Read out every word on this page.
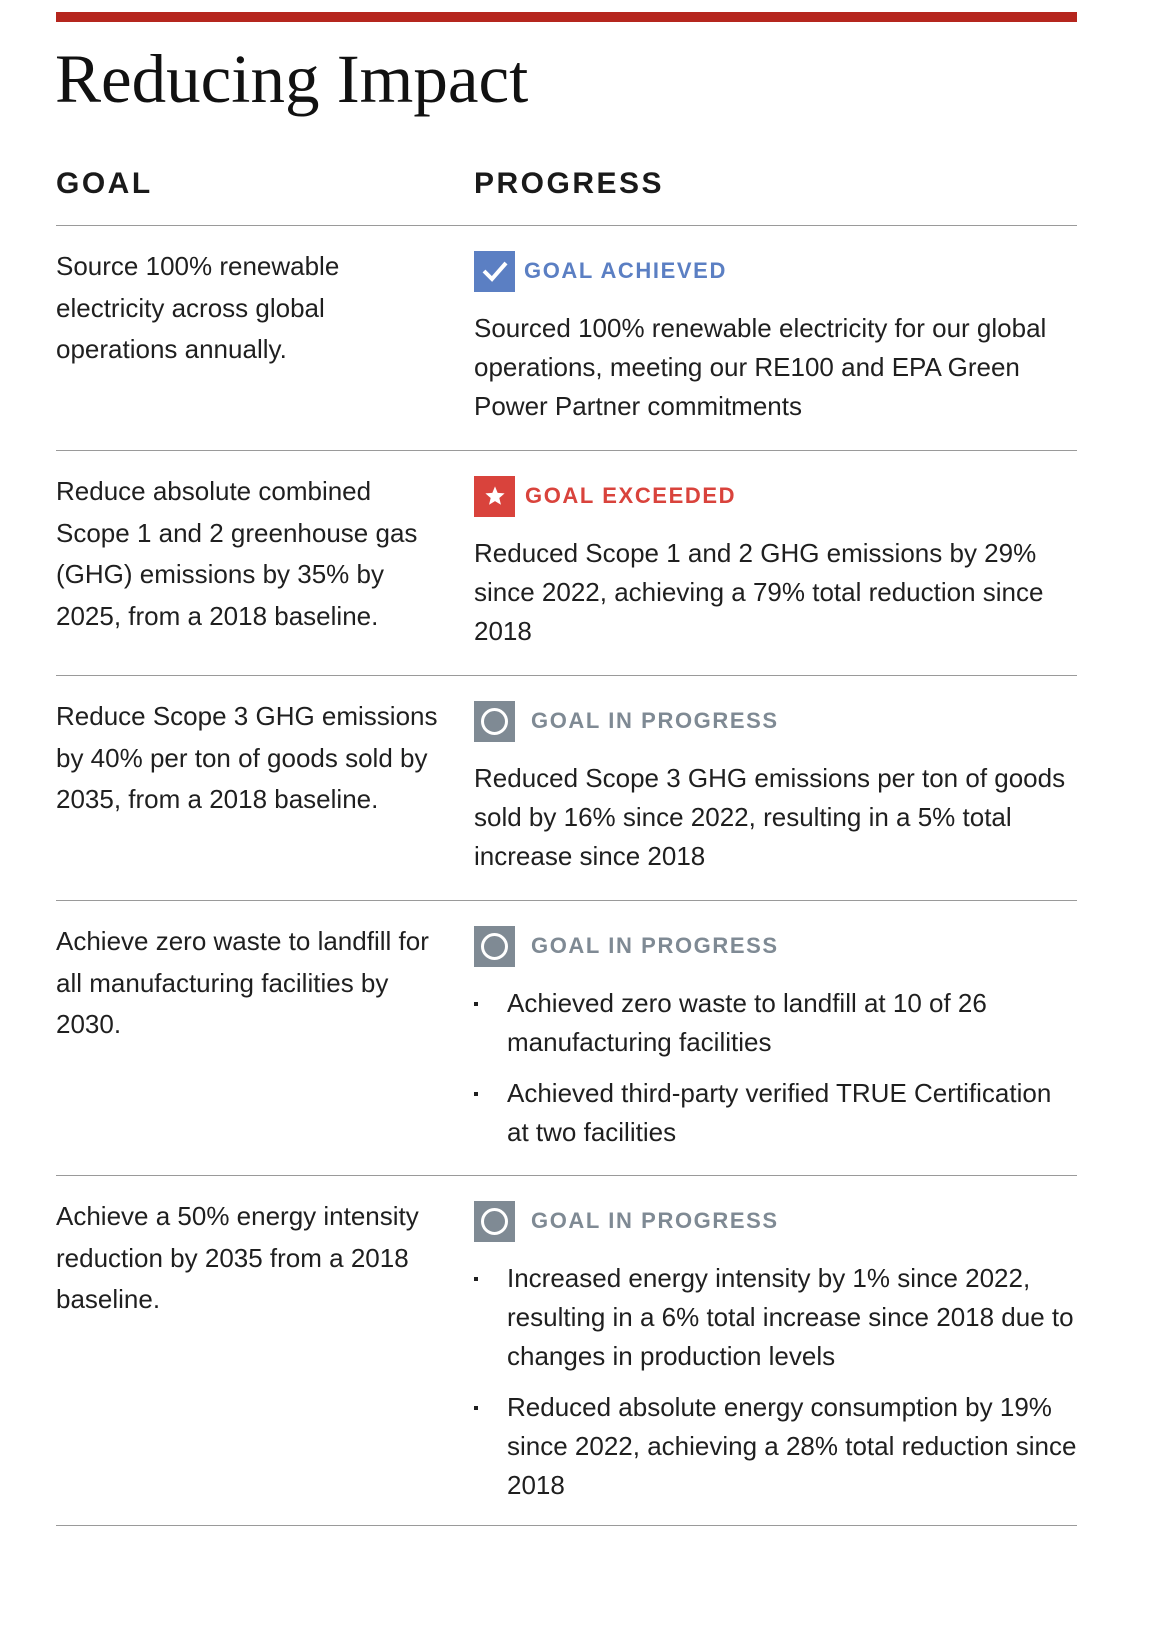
Reducing Impact
GOAL	PROGRESS
Source 100% renewable electricity across global operations annually.
GOAL ACHIEVED
Sourced 100% renewable electricity for our global operations, meeting our RE100 and EPA Green Power Partner commitments
Reduce absolute combined Scope 1 and 2 greenhouse gas (GHG) emissions by 35% by 2025, from a 2018 baseline.
GOAL EXCEEDED
Reduced Scope 1 and 2 GHG emissions by 29% since 2022, achieving a 79% total reduction since 2018
Reduce Scope 3 GHG emissions by 40% per ton of goods sold by 2035, from a 2018 baseline.
GOAL IN PROGRESS
Reduced Scope 3 GHG emissions per ton of goods sold by 16% since 2022, resulting in a 5% total increase since 2018
Achieve zero waste to landfill for all manufacturing facilities by 2030.
GOAL IN PROGRESS
Achieved zero waste to landfill at 10 of 26 manufacturing facilities
Achieved third-party verified TRUE Certification at two facilities
Achieve a 50% energy intensity reduction by 2035 from a 2018 baseline.
GOAL IN PROGRESS
Increased energy intensity by 1% since 2022, resulting in a 6% total increase since 2018 due to changes in production levels
Reduced absolute energy consumption by 19% since 2022, achieving a 28% total reduction since 2018
